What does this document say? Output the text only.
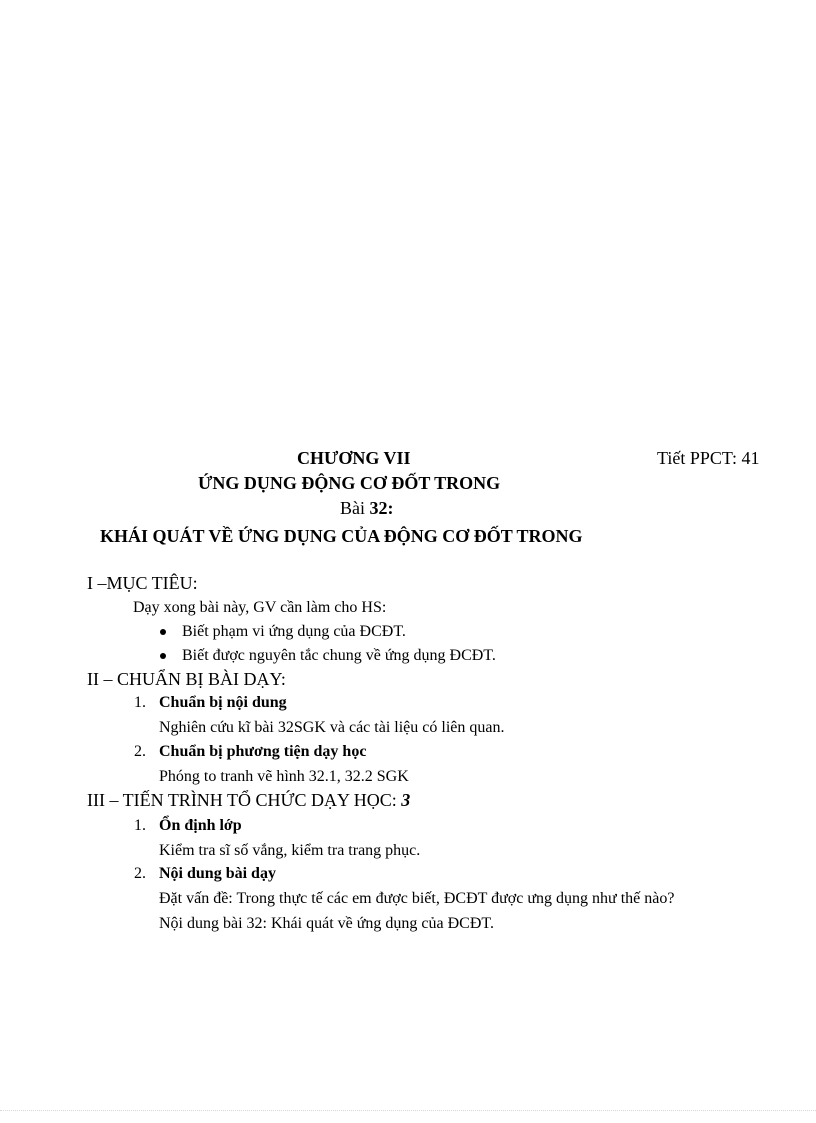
CHƯƠNG VII	Tiết PPCT: 41
ỨNG DỤNG ĐỘNG CƠ ĐỐT TRONG
Bài 32:
KHÁI QUÁT VỀ ỨNG DỤNG CỦA ĐỘNG CƠ ĐỐT TRONG
I –MỤC TIÊU:
Dạy xong bài này, GV cần làm cho HS:
Biết phạm vi ứng dụng của ĐCĐT.
Biết được nguyên tắc chung về ứng dụng ĐCĐT.
II – CHUẨN BỊ BÀI DẠY:
1. Chuẩn bị nội dung
Nghiên cứu kĩ bài 32SGK và các tài liệu có liên quan.
2. Chuẩn bị phương tiện dạy học
Phóng to tranh vẽ hình 32.1, 32.2 SGK
III – TIẾN TRÌNH TỔ CHỨC DẠY HỌC: 3
1. Ổn định lớp
Kiểm tra sĩ số vắng, kiểm tra trang phục.
2. Nội dung bài dạy
Đặt vấn đề: Trong thực tế các em được biết, ĐCĐT được ưng dụng như thế nào?
Nội dung bài 32: Khái quát về ứng dụng của ĐCĐT.
